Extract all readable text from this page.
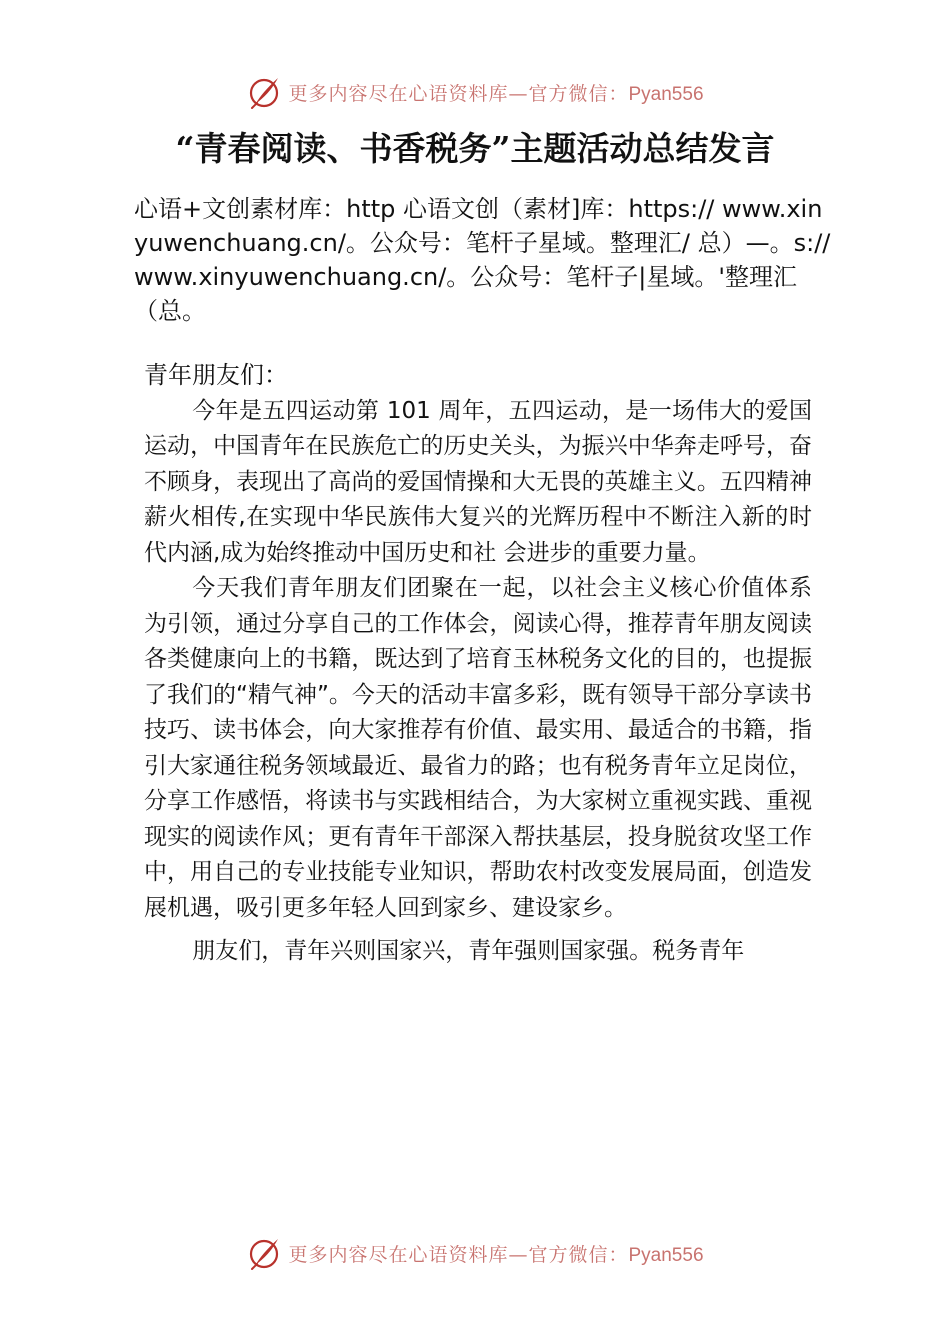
更多内容尽在心语资料库—官方微信：Pyan556
“青春阅读、书香税务”主题活动总结发言

心语+文创素材库：http 心语文创（素材]库：https:// www.xinyuwenchuang.cn/。公众号：笔杆子星域。整理汇/ 总）—。s://www.xinyuwenchuang.cn/。公众号：笔杆子|星域。'整理汇（总。

青年朋友们：

今年是五四运动第 101 周年，五四运动，是一场伟大的爱国运动，中国青年在民族危亡的历史关头，为振兴中华奔走呼号，奋不顾身，表现出了高尚的爱国情操和大无畏的英雄主义。五四精神薪火相传,在实现中华民族伟大复兴的光辉历程中不断注入新的时代内涵,成为始终推动中国历史和社 会进步的重要力量。

今天我们青年朋友们团聚在一起，以社会主义核心价值体系为引领，通过分享自己的工作体会，阅读心得，推荐青年朋友阅读各类健康向上的书籍，既达到了培育玉林税务文化的目的，也提振了我们的“精气神”。今天的活动丰富多彩，既有领导干部分享读书技巧、读书体会，向大家推荐有价值、最实用、最适合的书籍，指引大家通往税务领域最近、最省力的路；也有税务青年立足岗位，分享工作感悟，将读书与实践相结合，为大家树立重视实践、重视现实的阅读作风；更有青年干部深入帮扶基层，投身脱贫攻坚工作中，用自己的专业技能专业知识，帮助农村改变发展局面，创造发展机遇，吸引更多年轻人回到家乡、建设家乡。

朋友们，青年兴则国家兴，青年强则国家强。税务青年

更多内容尽在心语资料库—官方微信：Pyan556
